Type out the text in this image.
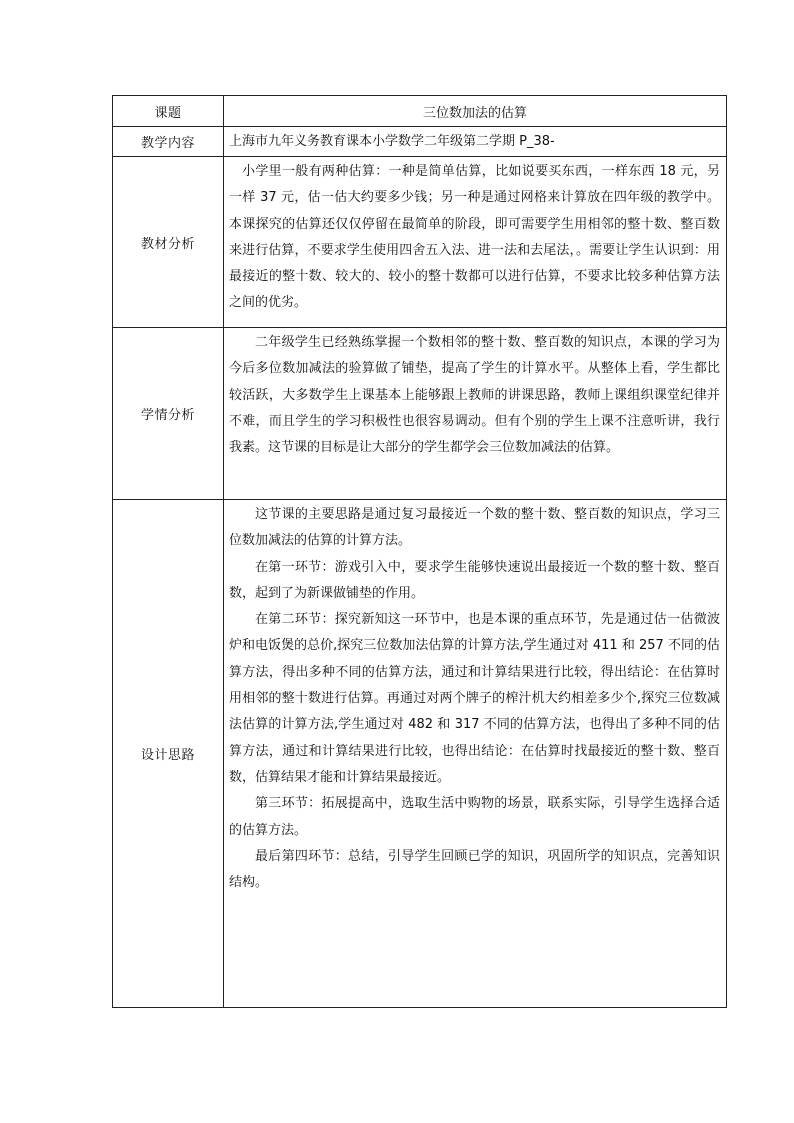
课题	三位数加法的估算
教学内容	上海市九年义务教育课本小学数学二年级第二学期 P_38-
教材分析	小学里一般有两种估算：一种是简单估算，比如说要买东西，一样东西 18 元，另一样 37 元，估一估大约要多少钱；另一种是通过网格来计算放在四年级的教学中。本课探究的估算还仅仅停留在最简单的阶段，即可需要学生用相邻的整十数、整百数来进行估算，不要求学生使用四舍五入法、进一法和去尾法，。需要让学生认识到：用最接近的整十数、较大的、较小的整十数都可以进行估算，不要求比较多种估算方法之间的优劣。

学情分析	二年级学生已经熟练掌握一个数相邻的整十数、整百数的知识点，本课的学习为今后多位数加减法的验算做了铺垫，提高了学生的计算水平。从整体上看，学生都比较活跃，大多数学生上课基本上能够跟上教师的讲课思路，教师上课组织课堂纪律并不难，而且学生的学习积极性也很容易调动。但有个别的学生上课不注意听讲，我行我素。这节课的目标是让大部分的学生都学会三位数加减法的估算。

设计思路	这节课的主要思路是通过复习最接近一个数的整十数、整百数的知识点，学习三位数加减法的估算的计算方法。

在第一环节：游戏引入中，要求学生能够快速说出最接近一个数的整十数、整百数，起到了为新课做铺垫的作用。

在第二环节：探究新知这一环节中，也是本课的重点环节，先是通过估一估微波炉和电饭煲的总价,探究三位数加法估算的计算方法,学生通过对 411 和 257 不同的估算方法，得出多种不同的估算方法，通过和计算结果进行比较，得出结论：在估算时用相邻的整十数进行估算。再通过对两个牌子的榨汁机大约相差多少个,探究三位数减法估算的计算方法,学生通过对 482 和 317 不同的估算方法，也得出了多种不同的估算方法，通过和计算结果进行比较，也得出结论：在估算时找最接近的整十数、整百数，估算结果才能和计算结果最接近。

第三环节：拓展提高中，选取生活中购物的场景，联系实际，引导学生选择合适的估算方法。

最后第四环节：总结，引导学生回顾已学的知识，巩固所学的知识点，完善知识结构。
